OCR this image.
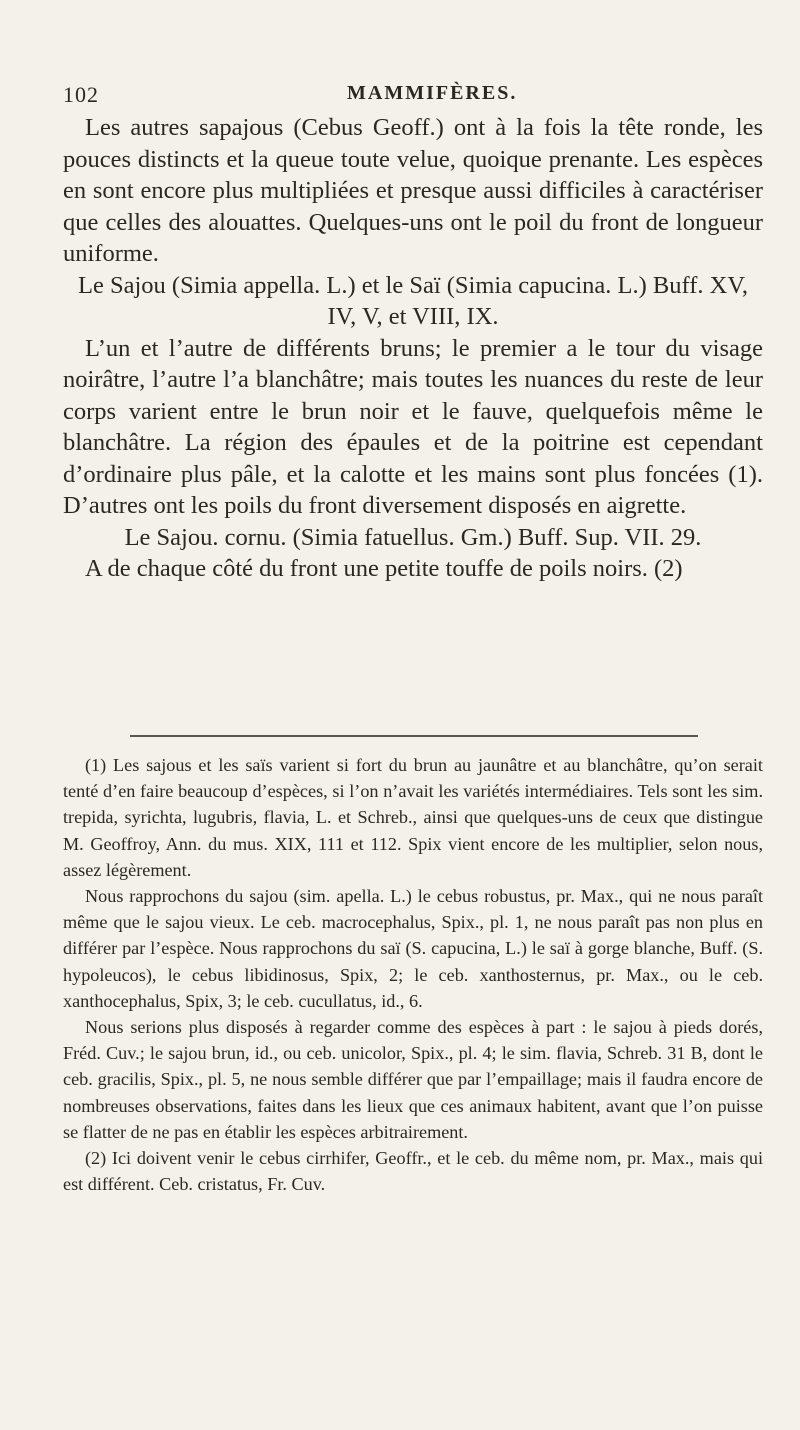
102	MAMMIFÈRES.

Les autres sapajous (Cebus Geoff.) ont à la fois la tête ronde, les pouces distincts et la queue toute velue, quoique prenante. Les espèces en sont encore plus multipliées et presque aussi difficiles à caractériser que celles des alouattes. Quelques-uns ont le poil du front de longueur uniforme.

Le Sajou (Simia appella. L.) et le Saï (Simia capucina. L.) Buff. XV, IV, V, et VIII, IX.

L’un et l’autre de différents bruns; le premier a le tour du visage noirâtre, l’autre l’a blanchâtre; mais toutes les nuances du reste de leur corps varient entre le brun noir et le fauve, quelquefois même le blanchâtre. La région des épaules et de la poitrine est cependant d’ordinaire plus pâle, et la calotte et les mains sont plus foncées (1). D’autres ont les poils du front diversement disposés en aigrette.

Le Sajou. cornu. (Simia fatuellus. Gm.) Buff. Sup. VII. 29.

A de chaque côté du front une petite touffe de poils noirs. (2)

(1) Les sajous et les saïs varient si fort du brun au jaunâtre et au blanchâtre, qu’on serait tenté d’en faire beaucoup d’espèces, si l’on n’avait les variétés intermédiaires. Tels sont les sim. trepida, syrichta, lugubris, flavia, L. et Schreb., ainsi que quelques-uns de ceux que distingue M. Geoffroy, Ann. du mus. XIX, 111 et 112. Spix vient encore de les multiplier, selon nous, assez légèrement.

Nous rapprochons du sajou (sim. apella. L.) le cebus robustus, pr. Max., qui ne nous paraît même que le sajou vieux. Le ceb. macrocephalus, Spix., pl. 1, ne nous paraît pas non plus en différer par l’espèce. Nous rapprochons du saï (S. capucina, L.) le saï à gorge blanche, Buff. (S. hypoleucos), le cebus libidinosus, Spix, 2; le ceb. xanthosternus, pr. Max., ou le ceb. xanthocephalus, Spix, 3; le ceb. cucullatus, id., 6.

Nous serions plus disposés à regarder comme des espèces à part : le sajou à pieds dorés, Fréd. Cuv.; le sajou brun, id., ou ceb. unicolor, Spix., pl. 4; le sim. flavia, Schreb. 31 B, dont le ceb. gracilis, Spix., pl. 5, ne nous semble différer que par l’empaillage; mais il faudra encore de nombreuses observations, faites dans les lieux que ces animaux habitent, avant que l’on puisse se flatter de ne pas en établir les espèces arbitrairement.

(2) Ici doivent venir le cebus cirrhifer, Geoffr., et le ceb. du même nom, pr. Max., mais qui est différent. Ceb. cristatus, Fr. Cuv.
